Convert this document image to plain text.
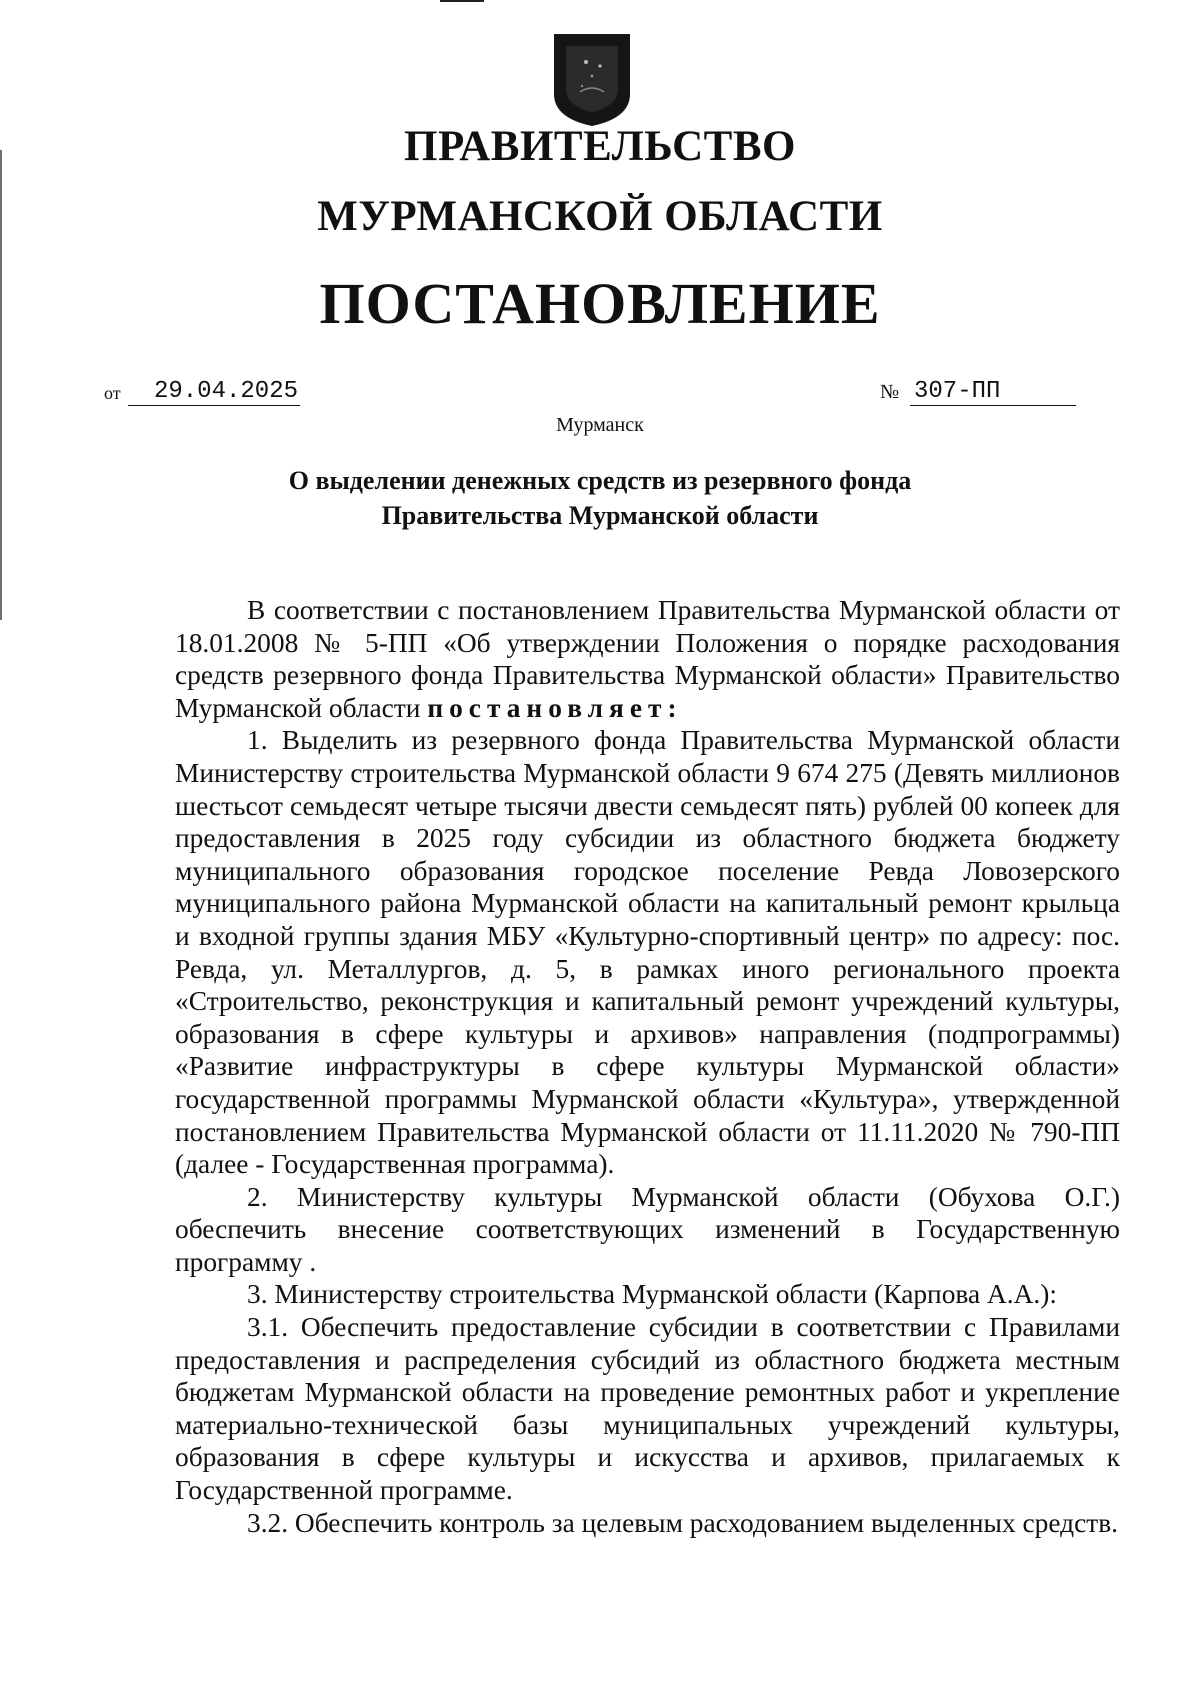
ПРАВИТЕЛЬСТВО
МУРМАНСКОЙ ОБЛАСТИ
ПОСТАНОВЛЕНИЕ
от	29.04.2025	№ 307-ПП
Мурманск
О выделении денежных средств из резервного фонда
Правительства Мурманской области

В соответствии с постановлением Правительства Мурманской области от 18.01.2008 № 5-ПП «Об утверждении Положения о порядке расходования средств резервного фонда Правительства Мурманской области» Правительство Мурманской области постановляет:

1. Выделить из резервного фонда Правительства Мурманской области Министерству строительства Мурманской области 9 674 275 (Девять миллионов шестьсот семьдесят четыре тысячи двести семьдесят пять) рублей 00 копеек для предоставления в 2025 году субсидии из областного бюджета бюджету муниципального образования городское поселение Ревда Ловозерского муниципального района Мурманской области на капитальный ремонт крыльца и входной группы здания МБУ «Культурно-спортивный центр» по адресу: пос. Ревда, ул. Металлургов, д. 5, в рамках иного регионального проекта «Строительство, реконструкция и капитальный ремонт учреждений культуры, образования в сфере культуры и архивов» направления (подпрограммы) «Развитие инфраструктуры в сфере культуры Мурманской области» государственной программы Мурманской области «Культура», утвержденной постановлением Правительства Мурманской области от 11.11.2020 № 790-ПП (далее - Государственная программа).

2. Министерству культуры Мурманской области (Обухова О.Г.) обеспечить внесение соответствующих изменений в Государственную программу .

3. Министерству строительства Мурманской области (Карпова А.А.):

3.1. Обеспечить предоставление субсидии в соответствии с Правилами предоставления и распределения субсидий из областного бюджета местным бюджетам Мурманской области на проведение ремонтных работ и укрепление материально-технической базы муниципальных учреждений культуры, образования в сфере культуры и искусства и архивов, прилагаемых к Государственной программе.

3.2. Обеспечить контроль за целевым расходованием выделенных средств.
